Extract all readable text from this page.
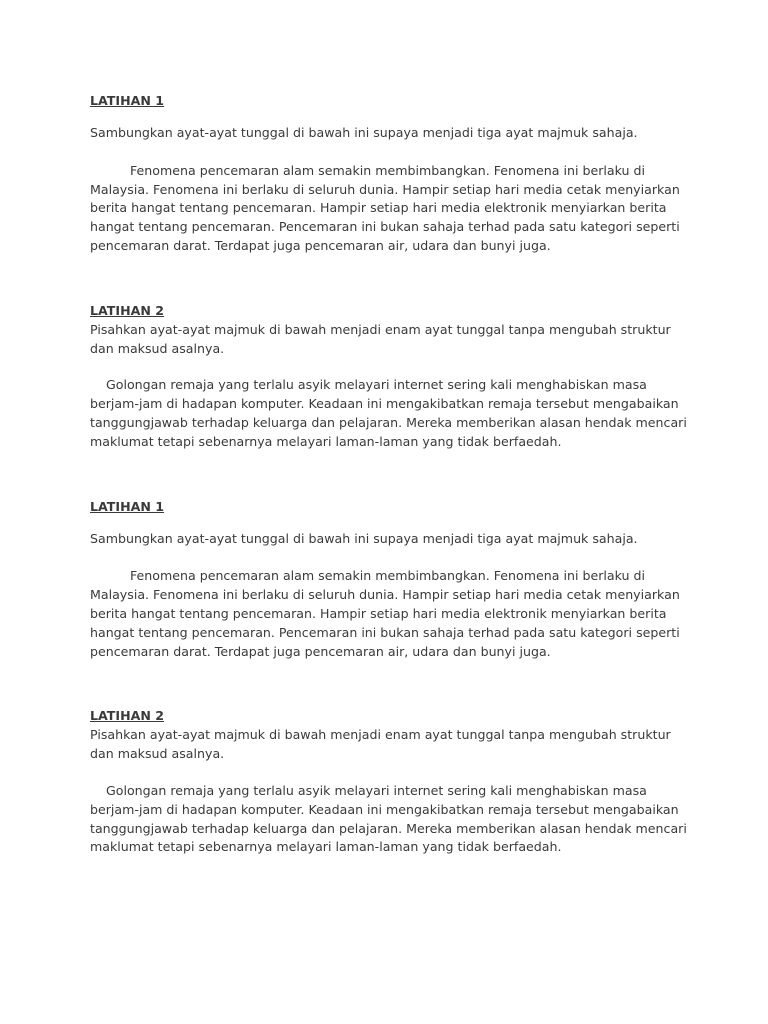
LATIHAN 1

Sambungkan ayat-ayat tunggal di bawah ini supaya menjadi tiga ayat majmuk sahaja.

Fenomena pencemaran alam semakin membimbangkan. Fenomena ini berlaku di Malaysia. Fenomena ini berlaku di seluruh dunia. Hampir setiap hari media cetak menyiarkan berita hangat tentang pencemaran. Hampir setiap hari media elektronik menyiarkan berita hangat tentang pencemaran. Pencemaran ini bukan sahaja terhad pada satu kategori seperti pencemaran darat. Terdapat juga pencemaran air, udara dan bunyi juga.

LATIHAN 2

Pisahkan ayat-ayat majmuk di bawah menjadi enam ayat tunggal tanpa mengubah struktur dan maksud asalnya.

Golongan remaja yang terlalu asyik melayari internet sering kali menghabiskan masa berjam-jam di hadapan komputer. Keadaan ini mengakibatkan remaja tersebut mengabaikan tanggungjawab terhadap keluarga dan pelajaran. Mereka memberikan alasan hendak mencari maklumat tetapi sebenarnya melayari laman-laman yang tidak berfaedah.

LATIHAN 1

Sambungkan ayat-ayat tunggal di bawah ini supaya menjadi tiga ayat majmuk sahaja.

Fenomena pencemaran alam semakin membimbangkan. Fenomena ini berlaku di Malaysia. Fenomena ini berlaku di seluruh dunia. Hampir setiap hari media cetak menyiarkan berita hangat tentang pencemaran. Hampir setiap hari media elektronik menyiarkan berita hangat tentang pencemaran. Pencemaran ini bukan sahaja terhad pada satu kategori seperti pencemaran darat. Terdapat juga pencemaran air, udara dan bunyi juga.

LATIHAN 2

Pisahkan ayat-ayat majmuk di bawah menjadi enam ayat tunggal tanpa mengubah struktur dan maksud asalnya.

Golongan remaja yang terlalu asyik melayari internet sering kali menghabiskan masa berjam-jam di hadapan komputer. Keadaan ini mengakibatkan remaja tersebut mengabaikan tanggungjawab terhadap keluarga dan pelajaran. Mereka memberikan alasan hendak mencari maklumat tetapi sebenarnya melayari laman-laman yang tidak berfaedah.
